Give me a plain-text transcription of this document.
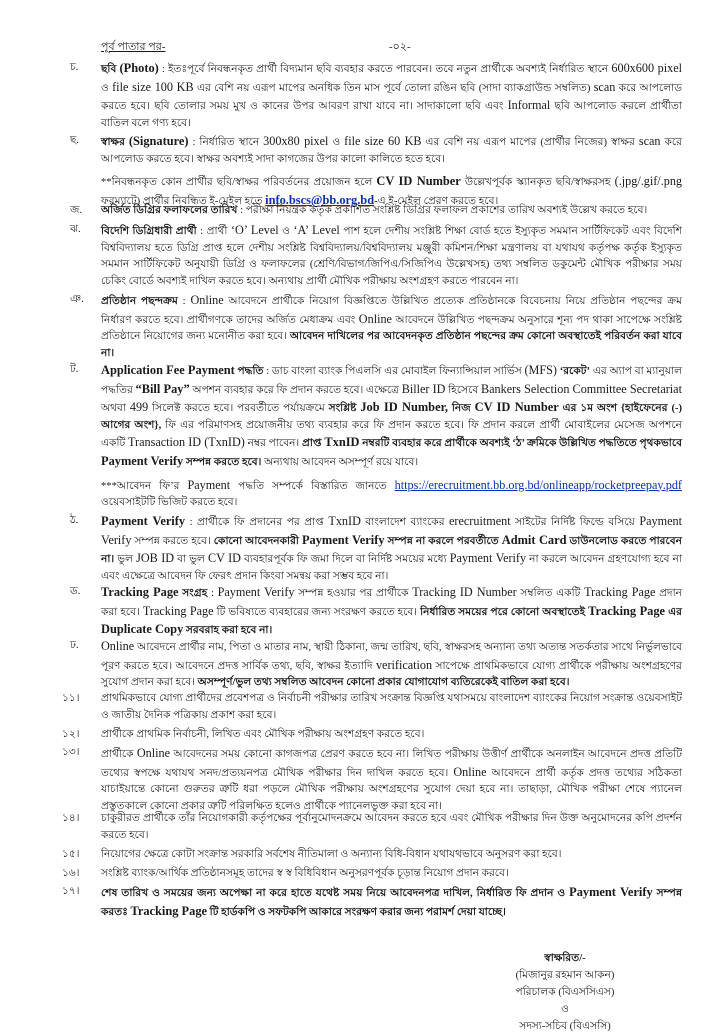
পূর্ব পাতার পর-	-০২-
চ.	ছবি (Photo) : ইতঃপূর্বে নিবন্ধনকৃত প্রার্থী বিদ্যমান ছবি ব্যবহার করতে পারবেন। তবে নতুন প্রার্থীকে অবশ্যই নির্ধারিত স্থানে 600x600 pixel ও file size 100 KB এর বেশি নয় এরূপ মাপের অনধিক তিন মাস পূর্বে তোলা রঙিন ছবি (সাদা ব্যাকগ্রাউন্ড সম্বলিত) scan করে আপলোড করতে হবে। ছবি তোলার সময় মুখ ও কানের উপর আবরণ রাখা যাবে না। সাদাকালো ছবি এবং Informal ছবি আপলোড করলে প্রার্থীতা বাতিল বলে গণ্য হবে।
ছ.	স্বাক্ষর (Signature) : নির্ধারিত স্থানে 300x80 pixel ও file size 60 KB এর বেশি নয় এরূপ মাপের (প্রার্থীর নিজের) স্বাক্ষর scan করে আপলোড করতে হবে। স্বাক্ষর অবশ্যই সাদা কাগজের উপর কালো কালিতে হতে হবে।
**নিবন্ধনকৃত কোন প্রার্থীর ছবি/স্বাক্ষর পরিবর্তনের প্রয়োজন হলে CV ID Number উল্লেখপূর্বক স্ক্যানকৃত ছবি/স্বাক্ষরসহ (.jpg/.gif/.png ফরম্যাটে) প্রার্থীর নিবন্ধিত ই-মেইল হতে info.bscs@bb.org.bd-এ ই-মেইল প্রেরণ করতে হবে।
জ.	অর্জিত ডিগ্রির ফলাফলের তারিখ : পরীক্ষা নিয়ন্ত্রক কর্তৃক প্রকাশিত সংশ্লিষ্ট ডিগ্রির ফলাফল প্রকাশের তারিখ অবশ্যই উল্লেখ করতে হবে।
ঝ.	বিদেশি ডিগ্রিধারী প্রার্থী : প্রার্থী ‘O’ Level ও ‘A’ Level পাশ হলে দেশীয় সংশ্লিষ্ট শিক্ষা বোর্ড হতে ইস্যুকৃত সমমান সার্টিফিকেট এবং বিদেশি বিশ্ববিদ্যালয় হতে ডিগ্রি প্রাপ্ত হলে দেশীয় সংশ্লিষ্ট বিশ্ববিদ্যালয়/বিশ্ববিদ্যালয় মঞ্জুরী কমিশন/শিক্ষা মন্ত্রণালয় বা যথাযথ কর্তৃপক্ষ কর্তৃক ইস্যুকৃত সমমান সার্টিফিকেট অনুযায়ী ডিগ্রি ও ফলাফলের (শ্রেণি/বিভাগ/জিপিএ/সিজিপিএ উল্লেখসহ) তথ্য সম্বলিত ডকুমেন্ট মৌখিক পরীক্ষার সময় চেকিং বোর্ডে অবশ্যই দাখিল করতে হবে। অন্যথায় প্রার্থী মৌখিক পরীক্ষায় অংশগ্রহণ করতে পারবেন না।
ঞ.	প্রতিষ্ঠান পছন্দক্রম : Online আবেদনে প্রার্থীকে নিয়োগ বিজ্ঞপ্তিতে উল্লিখিত প্রত্যেক প্রতিষ্ঠানকে বিবেচনায় নিয়ে প্রতিষ্ঠান পছন্দের ক্রম নির্ধারণ করতে হবে। প্রার্থীগণকে তাদের অর্জিত মেধাক্রম এবং Online আবেদনে উল্লিখিত পছন্দক্রম অনুসারে শূন্য পদ থাকা সাপেক্ষে সংশ্লিষ্ট প্রতিষ্ঠানে নিয়োগের জন্য মনোনীত করা হবে। আবেদন দাখিলের পর আবেদনকৃত প্রতিষ্ঠান পছন্দের ক্রম কোনো অবস্থাতেই পরিবর্তন করা যাবে না।
ট.	Application Fee Payment পদ্ধতি : ডাচ বাংলা ব্যাংক পিএলসি এর মোবাইল ফিন্যান্সিয়াল সার্ভিস (MFS) ‘রকেট’ এর অ্যাপ বা ম্যানুয়াল পদ্ধতির “Bill Pay” অপশন ব্যবহার করে ফি প্রদান করতে হবে। এক্ষেত্রে Biller ID হিসেবে Bankers Selection Committee Secretariat অথবা 499 সিলেক্ট করতে হবে। পরবর্তীতে পর্যায়ক্রমে সংশ্লিষ্ট Job ID Number, নিজ CV ID Number এর ১ম অংশ {হাইফেনের (-) আগের অংশ}, ফি এর পরিমাণসহ প্রয়োজনীয় তথ্য ব্যবহার করে ফি প্রদান করতে হবে। ফি প্রদান করলে প্রার্থী মোবাইলের মেসেজ অপশনে একটি Transaction ID (TxnID) নম্বর পাবেন। প্রাপ্ত TxnID নম্বরটি ব্যবহার করে প্রার্থীকে অবশ্যই ‘ঠ’ ক্রমিকে উল্লিখিত পদ্ধতিতে পৃথকভাবে Payment Verify সম্পন্ন করতে হবে। অন্যথায় আবেদন অসম্পূর্ণ রয়ে যাবে।
***আবেদন ফি’র Payment পদ্ধতি সম্পর্কে বিস্তারিত জানতে https://erecruitment.bb.org.bd/onlineapp/rocketpreepay.pdf ওয়েবসাইটটি ভিজিট করতে হবে।
ঠ.	Payment Verify : প্রার্থীকে ফি প্রদানের পর প্রাপ্ত TxnID বাংলাদেশ ব্যাংকের erecruitment সাইটের নির্দিষ্ট ফিল্ডে বসিয়ে Payment Verify সম্পন্ন করতে হবে। কোনো আবেদনকারী Payment Verify সম্পন্ন না করলে পরবর্তীতে Admit Card ডাউনলোড করতে পারবেন না। ভুল JOB ID বা ভুল CV ID ব্যবহারপূর্বক ফি জমা দিলে বা নির্দিষ্ট সময়ের মধ্যে Payment Verify না করলে আবেদন গ্রহণযোগ্য হবে না এবং এক্ষেত্রে আবেদন ফি ফেরৎ প্রদান কিংবা সমন্বয় করা সম্ভব হবে না।
ড.	Tracking Page সংগ্রহ : Payment Verify সম্পন্ন হওয়ার পর প্রার্থীকে Tracking ID Number সম্বলিত একটি Tracking Page প্রদান করা হবে। Tracking Page টি ভবিষ্যতে ব্যবহারের জন্য সংরক্ষণ করতে হবে। নির্ধারিত সময়ের পরে কোনো অবস্থাতেই Tracking Page এর Duplicate Copy সরবরাহ করা হবে না।
ঢ.	Online আবেদনে প্রার্থীর নাম, পিতা ও মাতার নাম, স্থায়ী ঠিকানা, জন্ম তারিখ, ছবি, স্বাক্ষরসহ অন্যান্য তথ্য অত্যন্ত সতর্কতার সাথে নির্ভুলভাবে পূরণ করতে হবে। আবেদনে প্রদত্ত সার্বিক তথ্য, ছবি, স্বাক্ষর ইত্যাদি verification সাপেক্ষে প্রাথমিকভাবে যোগ্য প্রার্থীকে পরীক্ষায় অংশগ্রহণের সুযোগ প্রদান করা হবে। অসম্পূর্ণ/ভুল তথ্য সম্বলিত আবেদন কোনো প্রকার যোগাযোগ ব্যতিরেকেই বাতিল করা হবে।
১১।	প্রাথমিকভাবে যোগ্য প্রার্থীদের প্রবেশপত্র ও নির্বাচনী পরীক্ষার তারিখ সংক্রান্ত বিজ্ঞপ্তি যথাসময়ে বাংলাদেশ ব্যাংকের নিয়োগ সংক্রান্ত ওয়েবসাইট ও জাতীয় দৈনিক পত্রিকায় প্রকাশ করা হবে।
১২।	প্রার্থীকে প্রাথমিক নির্বাচনী, লিখিত এবং মৌখিক পরীক্ষায় অংশগ্রহণ করতে হবে।
১৩।	প্রার্থীকে Online আবেদনের সময় কোনো কাগজপত্র প্রেরণ করতে হবে না। লিখিত পরীক্ষায় উত্তীর্ণ প্রার্থীকে অনলাইন আবেদনে প্রদত্ত প্রতিটি তথ্যের স্বপক্ষে যথাযথ সনদ/প্রত্যয়নপত্র মৌখিক পরীক্ষার দিন দাখিল করতে হবে। Online আবেদনে প্রার্থী কর্তৃক প্রদত্ত তথ্যের সঠিকতা যাচাইয়ান্তে কোনো গুরুতর ত্রুটি ধরা পড়লে মৌখিক পরীক্ষায় অংশগ্রহণের সুযোগ দেয়া হবে না। তাছাড়া, মৌখিক পরীক্ষা শেষে প্যানেল প্রস্তুতকালে কোনো প্রকার ত্রুটি পরিলক্ষিত হলেও প্রার্থীকে প্যানেলভুক্ত করা হবে না।
১৪।	চাকুরীরত প্রার্থীকে তাঁর নিয়োগকারী কর্তৃপক্ষের পূর্বানুমোদনক্রমে আবেদন করতে হবে এবং মৌখিক পরীক্ষার দিন উক্ত অনুমোদনের কপি প্রদর্শন করতে হবে।
১৫।	নিয়োগের ক্ষেত্রে কোটা সংক্রান্ত সরকারি সর্বশেষ নীতিমালা ও অন্যান্য বিধি-বিধান যথাযথভাবে অনুসরণ করা হবে।
১৬।	সংশ্লিষ্ট ব্যাংক/আর্থিক প্রতিষ্ঠানসমূহ তাদের স্ব স্ব বিধিবিধান অনুসরণপূর্বক চূড়ান্ত নিয়োগ প্রদান করবে।
১৭।	শেষ তারিখ ও সময়ের জন্য অপেক্ষা না করে হাতে যথেষ্ট সময় নিয়ে আবেদনপত্র দাখিল, নির্ধারিত ফি প্রদান ও Payment Verify সম্পন্ন করতঃ Tracking Page টি হার্ডকপি ও সফটকপি আকারে সংরক্ষণ করার জন্য পরামর্শ দেয়া যাচ্ছে।
স্বাক্ষরিত/-
(মিজানুর রহমান আকন)
পরিচালক (বিএসসিএস)
ও
সদস্য-সচিব (বিএসসি)
